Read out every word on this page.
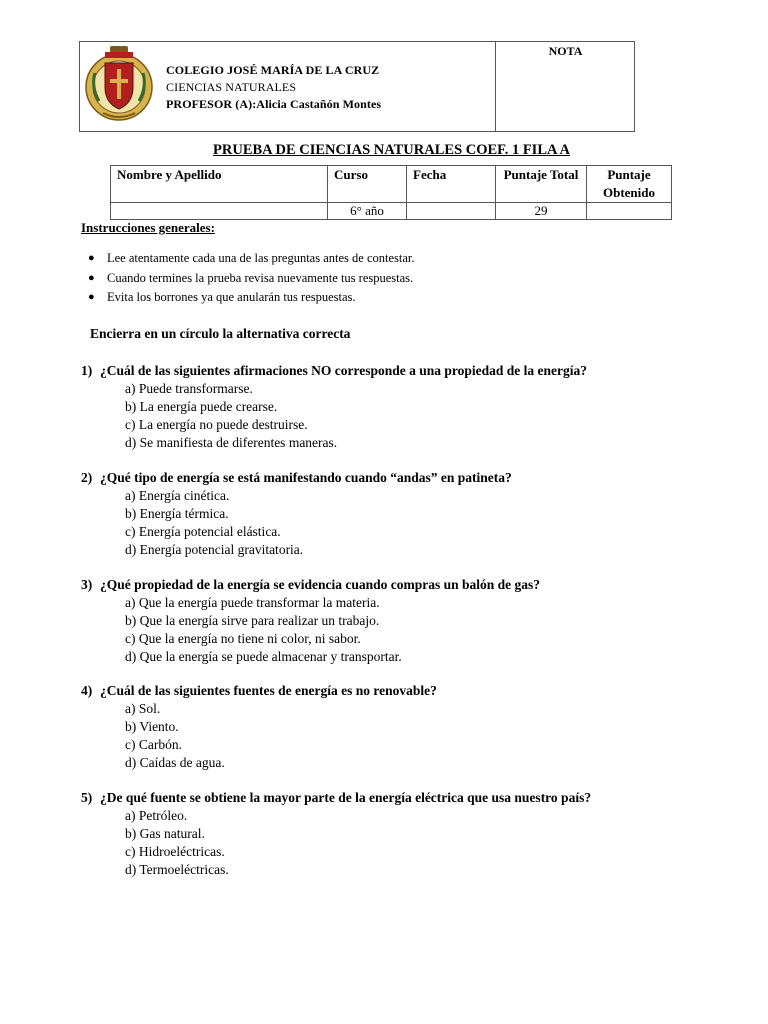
COLEGIO JOSÉ MARÍA DE LA CRUZ
CIENCIAS NATURALES
PROFESOR (A):Alicia Castañón Montes
NOTA
PRUEBA DE CIENCIAS NATURALES COEF. 1 FILA A
Nombre y Apellido	Curso	Fecha	Puntaje Total	Puntaje Obtenido
	6° año		29	
Instrucciones generales:
● Lee atentamente cada una de las preguntas antes de contestar.
● Cuando termines la prueba revisa nuevamente tus respuestas.
● Evita los borrones ya que anularán tus respuestas.
Encierra en un círculo la alternativa correcta
1) ¿Cuál de las siguientes afirmaciones NO corresponde a una propiedad de la energía?
a) Puede transformarse.
b) La energía puede crearse.
c) La energía no puede destruirse.
d) Se manifiesta de diferentes maneras.
2) ¿Qué tipo de energía se está manifestando cuando “andas” en patineta?
a) Energía cinética.
b) Energía térmica.
c) Energía potencial elástica.
d) Energía potencial gravitatoria.
3) ¿Qué propiedad de la energía se evidencia cuando compras un balón de gas?
a) Que la energía puede transformar la materia.
b) Que la energía sirve para realizar un trabajo.
c) Que la energía no tiene ni color, ni sabor.
d) Que la energía se puede almacenar y transportar.
4) ¿Cuál de las siguientes fuentes de energía es no renovable?
a) Sol.
b) Viento.
c) Carbón.
d) Caídas de agua.
5) ¿De qué fuente se obtiene la mayor parte de la energía eléctrica que usa nuestro país?
a) Petróleo.
b) Gas natural.
c) Hidroeléctricas.
d) Termoeléctricas.
